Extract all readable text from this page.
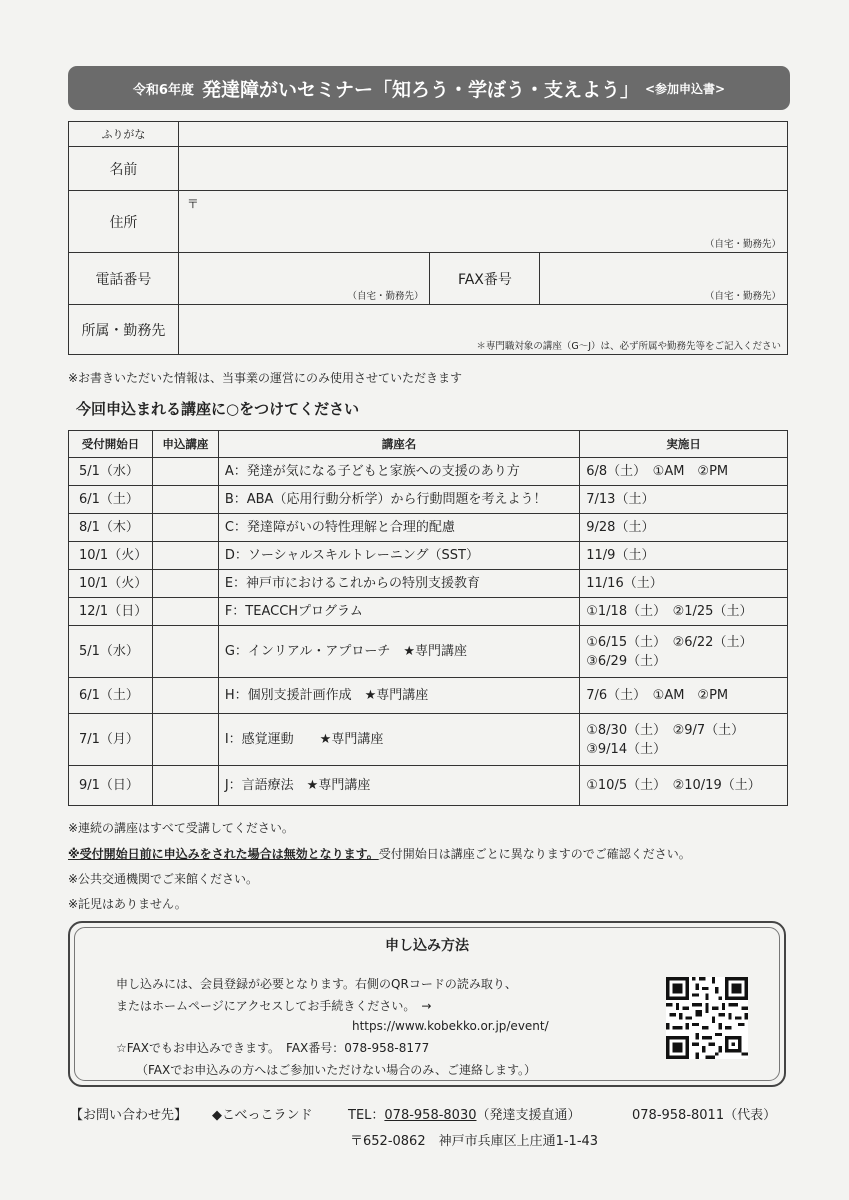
令和6年度 発達障がいセミナー「知ろう・学ぼう・支えよう」 <参加申込書>
ふりがな			
名前			
住所	〒
（自宅・勤務先）		

電話番号	（自宅・勤務先）	FAX番号	（自宅・勤務先）

所属・勤務先	＊専門職対象の講座（G～J）は、必ず所属や勤務先等をご記入ください		
※お書きいただいた情報は、当事業の運営にのみ使用させていただきます
今回申込まれる講座に○をつけてください
受付開始日	申込講座	講座名	実施日
5/1（水）		A：発達が気になる子どもと家族への支援のあり方	6/8（土）　①AM　②PM
6/1（土）		B：ABA（応用行動分析学）から行動問題を考えよう！	7/13（土）
8/1（木）		C：発達障がいの特性理解と合理的配慮	9/28（土）
10/1（火）		D：ソーシャルスキルトレーニング（SST）	11/9（土）
10/1（火）		E：神戸市におけるこれからの特別支援教育	11/16（土）
12/1（日）		F：TEACCHプログラム	①1/18（土）　②1/25（土）
5/1（水）		G：インリアル・アプローチ　★専門講座	①6/15（土）　②6/22（土）
③6/29（土）

6/1（土）		H：個別支援計画作成　★専門講座	7/6（土）　①AM　②PM
7/1（月）		I：感覚運動　　★専門講座	①8/30（土）　②9/7（土）
③9/14（土）

9/1（日）		J：言語療法　★専門講座	①10/5（土）　②10/19（土）
※連続の講座はすべて受講してください。
※受付開始日前に申込みをされた場合は無効となります。受付開始日は講座ごとに異なりますのでご確認ください。
※公共交通機関でご来館ください。
※託児はありません。
申し込み方法
申し込みには、会員登録が必要となります。右側のQRコードの読み取り、
またはホームページにアクセスしてお手続きください。　→
https://www.kobekko.or.jp/event/
☆FAXでもお申込みできます。　FAX番号：078-958-8177
（FAXでお申込みの方へはご参加いただけない場合のみ、ご連絡します。）
【お問い合わせ先】 ◆こべっこランド	TEL：078-958-8030（発達支援直通）	078-958-8011（代表）
〒652-0862　神戸市兵庫区上庄通1-1-43
